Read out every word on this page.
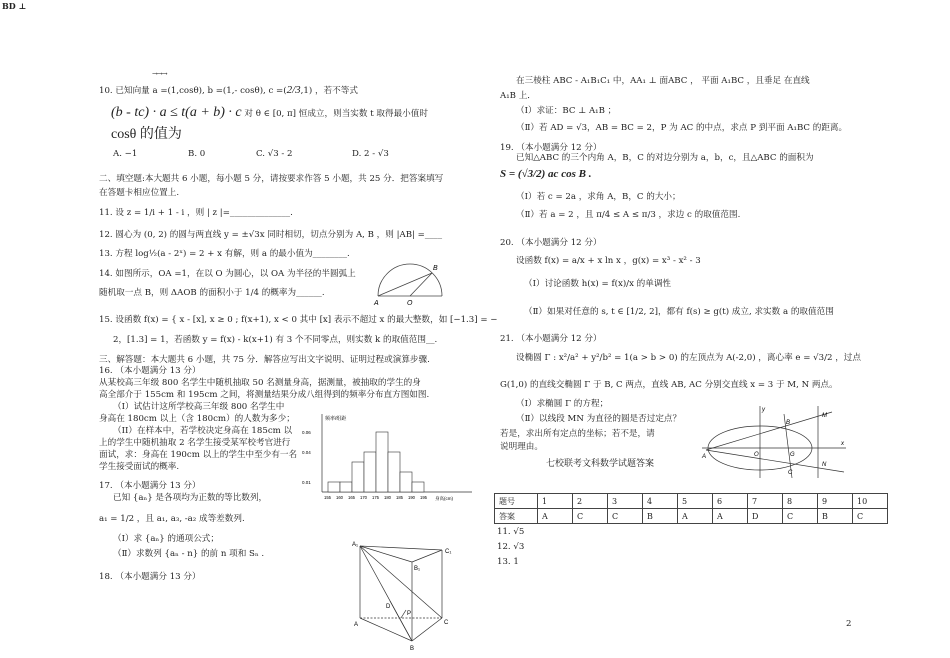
BD ⊥
→→→
10. 已知向量 a =(1,cosθ), b =(1,- cosθ), c =(2/3,1) ，若不等式
(b - tc) · a ≤ t(a + b) · c 对 θ ∈ [0, π] 恒成立，则当实数 t 取得最小值时
cosθ 的值为
A. −1	B. 0	C. √3 - 2	D. 2 - √3
二、填空题:本大题共 6 小题，每小题 5 分，请按要求作答 5 小题，共 25 分．把答案填写
在答题卡相应位置上.
11. 设 z = 1/i + 1 - i ，则 | z |=______________.
12. 圆心为 (0, 2) 的圆与两直线 y = ±√3x 同时相切，切点分别为 A, B ，则 |AB| =____
13. 方程 log½(a - 2ˣ) = 2 + x 有解，则 a 的最小值为________.
14. 如图所示，OA =1，在以 O 为圆心，以 OA 为半径的半圆弧上
随机取一点 B，则 ΔAOB 的面积小于 1/4 的概率为______.
A	O
B
15. 设函数 f(x) = { x - [x], x ≥ 0 ; f(x+1), x < 0 其中 [x] 表示不超过 x 的最大整数，如 [−1.3] = −
2，[1.3] = 1，若函数 y = f(x) - k(x+1) 有 3 个不同零点，则实数 k 的取值范围__.
三、解答题：本大题共 6 小题，共 75 分．解答应写出文字说明、证明过程或演算步骤.
16. （本小题满分 13 分）
从某校高三年级 800 名学生中随机抽取 50 名测量身高，据测量，被抽取的学生的身
高全部介于 155cm 和 195cm 之间，将测量结果分成八组得到的频率分布直方图如图.
（I）试估计这所学校高三年级 800 名学生中
身高在 180cm 以上（含 180cm）的人数为多少；
（II）在样本中，若学校决定身高在 185cm 以
上的学生中随机抽取 2 名学生接受某军校考官进行
面试，求：身高在 190cm 以上的学生中至少有一名
学生接受面试的概率.
频率/组距
155 160 165 170 175 180 185 190 195
0.06
0.04
0.01
身高(cm)
17. （本小题满分 13 分）
已知 {aₙ} 是各项均为正数的等比数列，
a₁ = 1/2 ，且 a₁, a₃, -a₂ 成等差数列.
（Ⅰ）求 {aₙ} 的通项公式；
（Ⅱ）求数列 {aₙ - n} 的前 n 项和 Sₙ .
18. （本小题满分 13 分）
A₁
C₁
B₁
D
P
A	C
B
在三棱柱 ABC - A₁B₁C₁ 中，AA₁ ⊥ 面ABC ， 平面 A₁BC ，且垂足 在直线
A₁B 上．
（Ⅰ）求证：BC ⊥ A₁B ；
（Ⅱ）若 AD = √3，AB = BC = 2，P 为 AC 的中点，求点 P 到平面 A₁BC 的距离。
19. （本小题满分 12 分）
已知△ABC 的三个内角 A，B，C 的对边分别为 a，b，c，且△ABC 的面积为
S = (√3/2) ac cos B .
（Ⅰ）若 c = 2a ，求角 A，B，C 的大小；
（Ⅱ）若 a = 2 ，且 π/4 ≤ A ≤ π/3 ，求边 c 的取值范围.
20. （本小题满分 12 分）
设函数 f(x) = a/x + x ln x ，g(x) = x³ - x² - 3
（Ⅰ）讨论函数 h(x) = f(x)/x 的单调性
（Ⅱ）如果对任意的 s, t ∈ [1/2, 2]，都有 f(s) ≥ g(t) 成立, 求实数 a 的取值范围
21. （本小题满分 12 分）
设椭圆 Γ : x²/a² + y²/b² = 1(a > b > 0) 的左顶点为 A(-2,0) ，离心率 e = √3/2 ，过点
G(1,0) 的直线交椭圆 Γ 于 B, C 两点，直线 AB, AC 分别交直线 x = 3 于 M, N 两点。
（Ⅰ）求椭圆 Γ 的方程；
（Ⅱ）以线段 MN 为直径的圆是否过定点？
若是，求出所有定点的坐标；若不是，请
说明理由。
y
x
M
N
B
C
O	G
A
七校联考文科数学试题答案
题号	1	2	3	4	5	6	7	8	9	10
答案	A	C	C	B	A	A	D	C	B	C
11. √5
12. √3
13. 1
2
